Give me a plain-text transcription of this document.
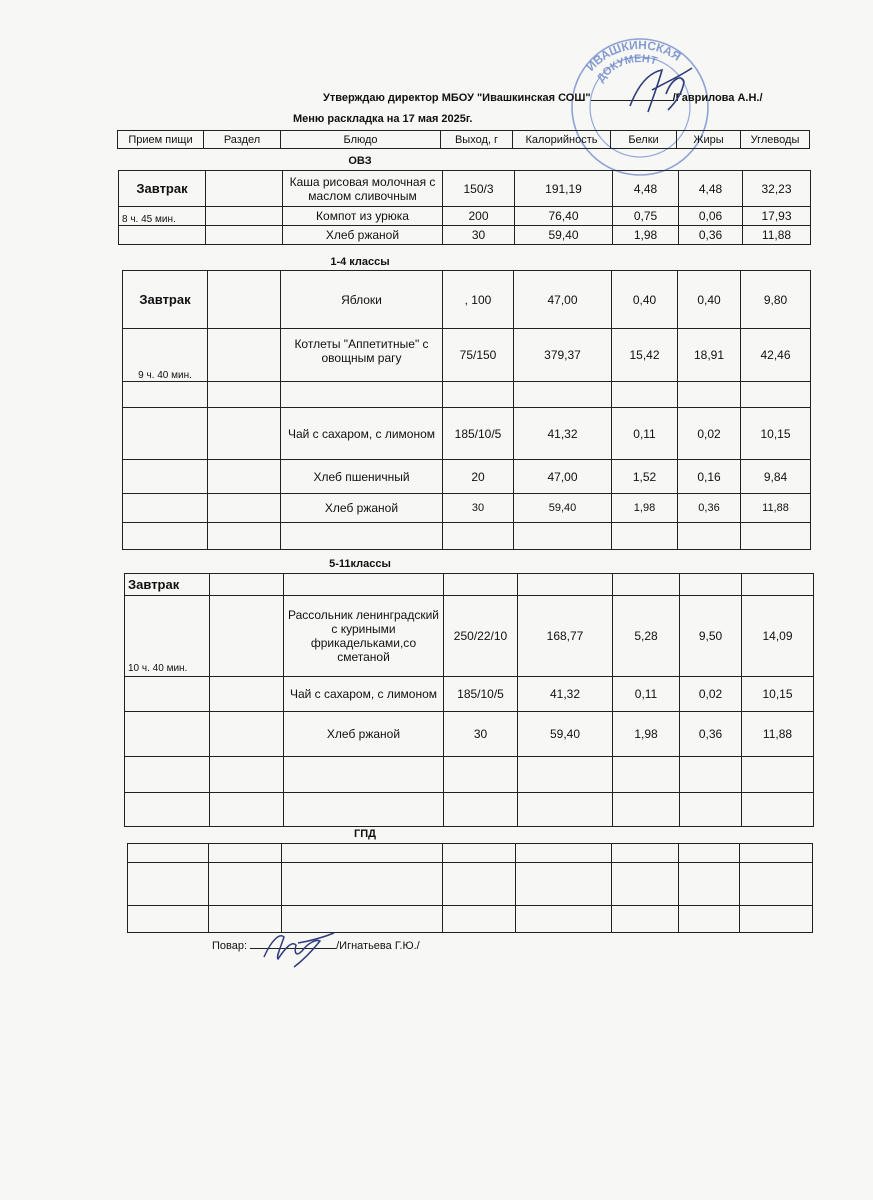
ДОКУМЕНТ
ИВАШКИНСКАЯ
Утверждаю директор МБОУ "Ивашкинская СОШ"	/Гаврилова А.Н./
Меню раскладка на 17 мая 2025г.
Прием пищи	Раздел	Блюдо	Выход, г	Калорийность	Белки	Жиры	Углеводы
ОВЗ
Завтрак		Каша рисовая молочная с маслом сливочным	150/3	191,19	4,48	4,48	32,23
8 ч. 45 мин.		Компот из урюка	200	76,40	0,75	0,06	17,93
		Хлеб ржаной	30	59,40	1,98	0,36	11,88
1-4 классы
Завтрак		Яблоки	, 100	47,00	0,40	0,40	9,80
9 ч. 40 мин.		Котлеты "Аппетитные" с овощным рагу	75/150	379,37	15,42	18,91	42,46

		Чай с сахаром, с лимоном	185/10/5	41,32	0,11	0,02	10,15
		Хлеб пшеничный	20	47,00	1,52	0,16	9,84
		Хлеб ржаной	30	59,40	1,98	0,36	11,88

5-11классы
Завтрак							
10 ч. 40 мин.		Рассольник ленинградский с куриными фрикадельками,со сметаной	250/22/10	168,77	5,28	9,50	14,09
		Чай с сахаром, с лимоном	185/10/5	41,32	0,11	0,02	10,15
		Хлеб ржаной	30	59,40	1,98	0,36	11,88

ГПД

Повар:	/Игнатьева Г.Ю./
